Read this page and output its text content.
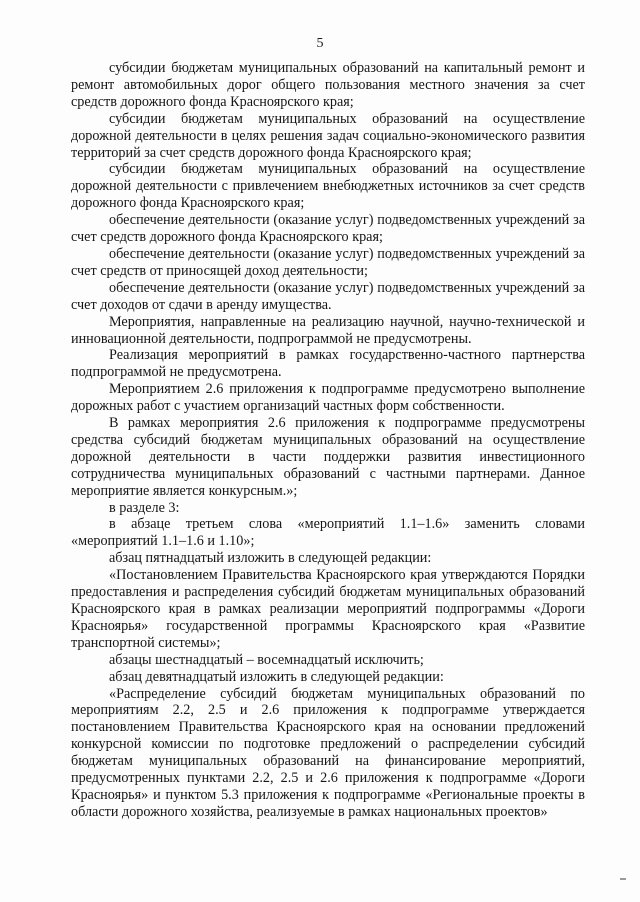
5

субсидии бюджетам муниципальных образований на капитальный ремонт и ремонт автомобильных дорог общего пользования местного значения за счет средств дорожного фонда Красноярского края;

субсидии бюджетам муниципальных образований на осуществление дорожной деятельности в целях решения задач социально-экономического развития территорий за счет средств дорожного фонда Красноярского края;

субсидии бюджетам муниципальных образований на осуществление дорожной деятельности с привлечением внебюджетных источников за счет средств дорожного фонда Красноярского края;

обеспечение деятельности (оказание услуг) подведомственных учреждений за счет средств дорожного фонда Красноярского края;

обеспечение деятельности (оказание услуг) подведомственных учреждений за счет средств от приносящей доход деятельности;

обеспечение деятельности (оказание услуг) подведомственных учреждений за счет доходов от сдачи в аренду имущества.

Мероприятия, направленные на реализацию научной, научно-технической и инновационной деятельности, подпрограммой не предусмотрены.

Реализация мероприятий в рамках государственно-частного партнерства подпрограммой не предусмотрена.

Мероприятием 2.6 приложения к подпрограмме предусмотрено выполнение дорожных работ с участием организаций частных форм собственности.

В рамках мероприятия 2.6 приложения к подпрограмме предусмотрены средства субсидий бюджетам муниципальных образований на осуществление дорожной деятельности в части поддержки развития инвестиционного сотрудничества муниципальных образований с частными партнерами. Данное мероприятие является конкурсным.»;

в разделе 3:

в абзаце третьем слова «мероприятий 1.1–1.6» заменить словами «мероприятий 1.1–1.6 и 1.10»;

абзац пятнадцатый изложить в следующей редакции:

«Постановлением Правительства Красноярского края утверждаются Порядки предоставления и распределения субсидий бюджетам муниципальных образований Красноярского края в рамках реализации мероприятий подпрограммы «Дороги Красноярья» государственной программы Красноярского края «Развитие транспортной системы»;

абзацы шестнадцатый – восемнадцатый исключить;

абзац девятнадцатый изложить в следующей редакции:

«Распределение субсидий бюджетам муниципальных образований по мероприятиям 2.2, 2.5 и 2.6 приложения к подпрограмме утверждается постановлением Правительства Красноярского края на основании предложений конкурсной комиссии по подготовке предложений о распределении субсидий бюджетам муниципальных образований на финансирование мероприятий, предусмотренных пунктами 2.2, 2.5 и 2.6 приложения к подпрограмме «Дороги Красноярья» и пунктом 5.3 приложения к подпрограмме «Региональные проекты в области дорожного хозяйства, реализуемые в рамках национальных проектов»
